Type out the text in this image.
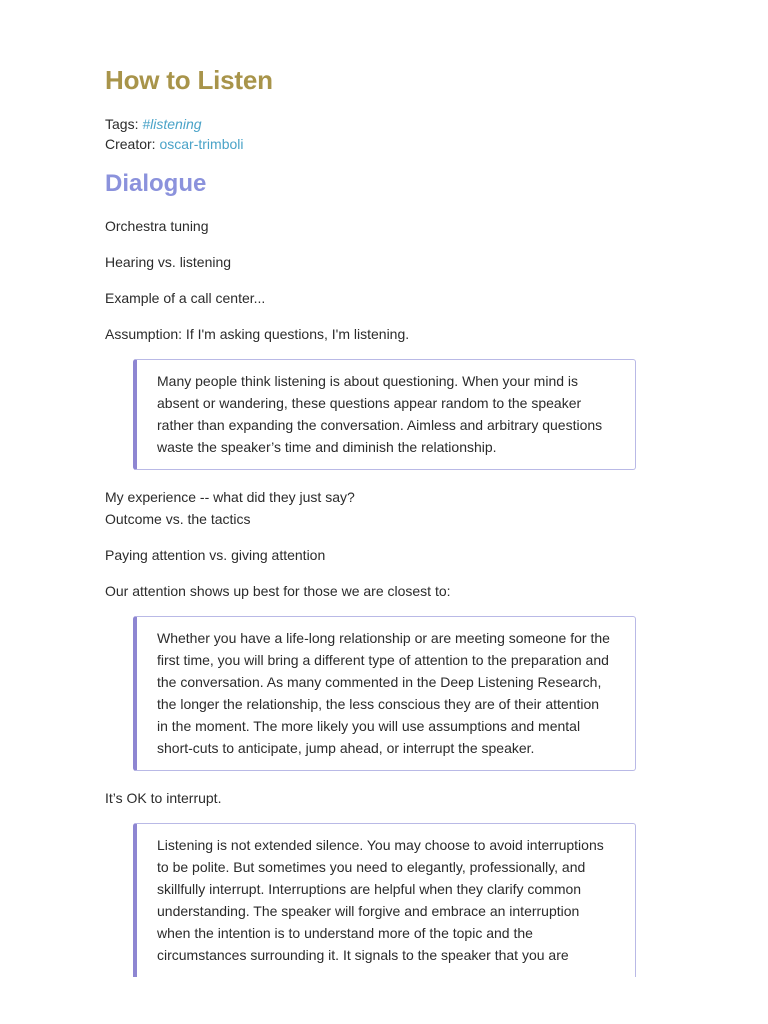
How to Listen
Tags: #listening
Creator: oscar-trimboli
Dialogue

Orchestra tuning

Hearing vs. listening

Example of a call center...

Assumption: If I'm asking questions, I'm listening.

Many people think listening is about questioning. When your mind is absent or wandering, these questions appear random to the speaker rather than expanding the conversation. Aimless and arbitrary questions waste the speaker’s time and diminish the relationship.

My experience -- what did they just say?

Outcome vs. the tactics

Paying attention vs. giving attention

Our attention shows up best for those we are closest to:

Whether you have a life-long relationship or are meeting someone for the first time, you will bring a different type of attention to the preparation and the conversation. As many commented in the Deep Listening Research, the longer the relationship, the less conscious they are of their attention in the moment. The more likely you will use assumptions and mental short-cuts to anticipate, jump ahead, or interrupt the speaker.

It’s OK to interrupt.

Listening is not extended silence. You may choose to avoid interruptions to be polite. But sometimes you need to elegantly, professionally, and skillfully interrupt. Interruptions are helpful when they clarify common understanding. The speaker will forgive and embrace an interruption when the intention is to understand more of the topic and the circumstances surrounding it. It signals to the speaker that you are
